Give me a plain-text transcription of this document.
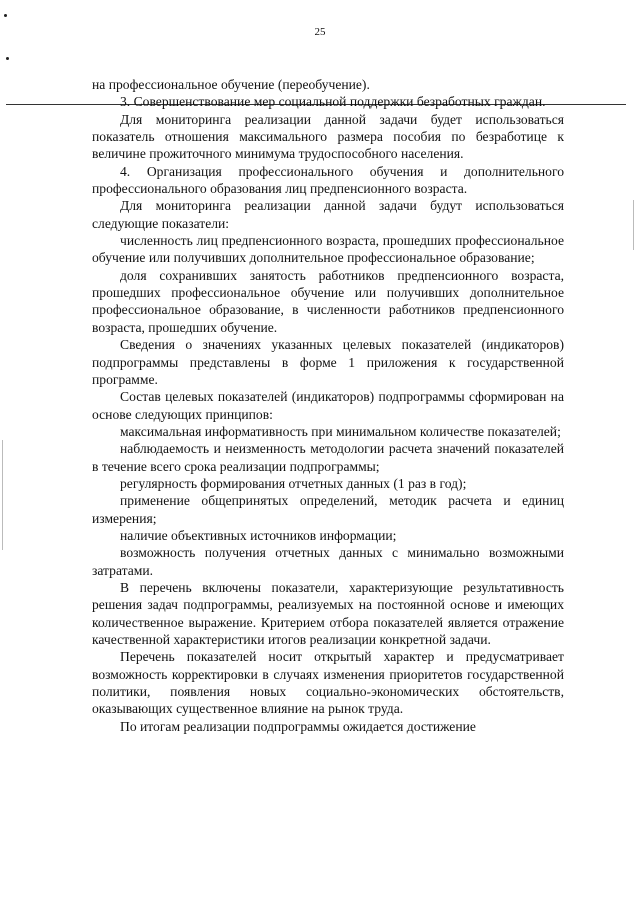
25

на профессиональное обучение (переобучение).

3. Совершенствование мер социальной поддержки безработных граждан.

Для мониторинга реализации данной задачи будет использоваться показатель отношения максимального размера пособия по безработице к величине прожиточного минимума трудоспособного населения.

4. Организация профессионального обучения и дополнительного профессионального образования лиц предпенсионного возраста.

Для мониторинга реализации данной задачи будут использоваться следующие показатели:

численность лиц предпенсионного возраста, прошедших профессиональное обучение или получивших дополнительное профессиональное образование;

доля сохранивших занятость работников предпенсионного возраста, прошедших профессиональное обучение или получивших дополнительное профессиональное образование, в численности работников предпенсионного возраста, прошедших обучение.

Сведения о значениях указанных целевых показателей (индикаторов) подпрограммы представлены в форме 1 приложения к государственной программе.

Состав целевых показателей (индикаторов) подпрограммы сформирован на основе следующих принципов:

максимальная информативность при минимальном количестве показателей;

наблюдаемость и неизменность методологии расчета значений показателей в течение всего срока реализации подпрограммы;

регулярность формирования отчетных данных (1 раз в год);

применение общепринятых определений, методик расчета и единиц измерения;

наличие объективных источников информации;

возможность получения отчетных данных с минимально возможными затратами.

В перечень включены показатели, характеризующие результативность решения задач подпрограммы, реализуемых на постоянной основе и имеющих количественное выражение. Критерием отбора показателей является отражение качественной характеристики итогов реализации конкретной задачи.

Перечень показателей носит открытый характер и предусматривает возможность корректировки в случаях изменения приоритетов государственной политики, появления новых социально-экономических обстоятельств, оказывающих существенное влияние на рынок труда.

По итогам реализации подпрограммы ожидается достижение
